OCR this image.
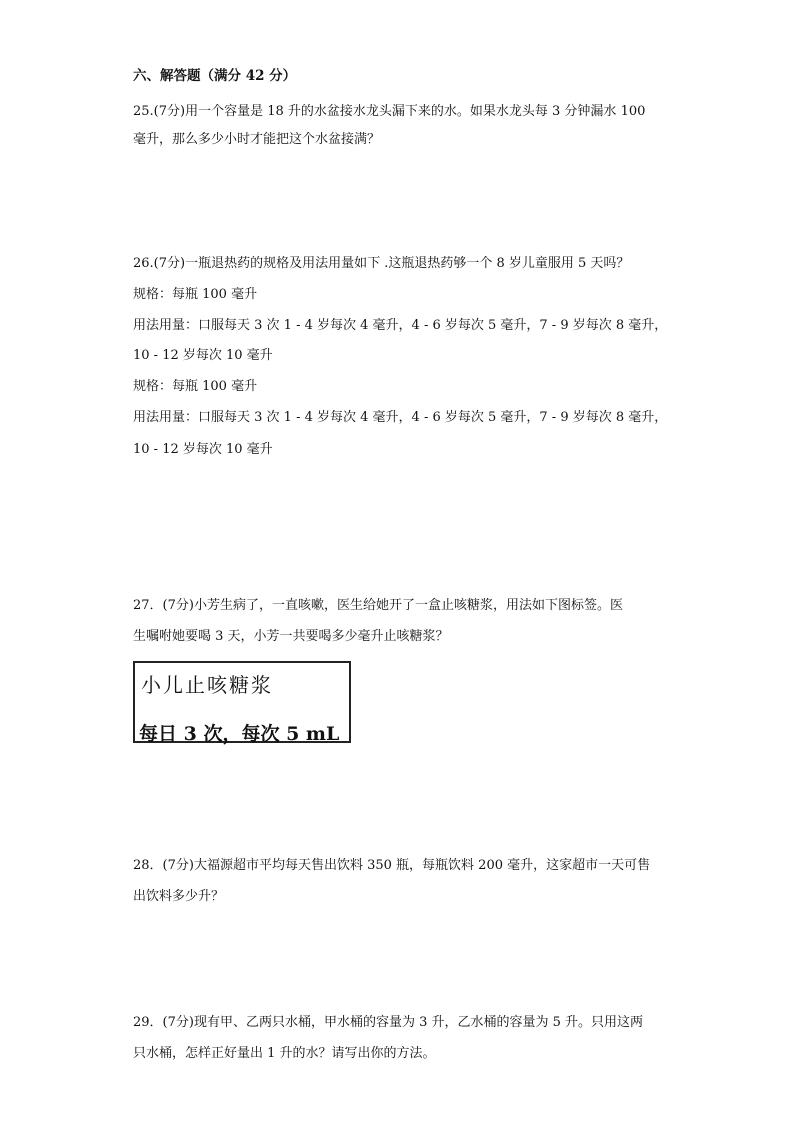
六、解答题（满分 42 分）
25.(7分)用一个容量是 18 升的水盆接水龙头漏下来的水。如果水龙头每 3 分钟漏水 100
毫升，那么多少小时才能把这个水盆接满？
26.(7分)一瓶退热药的规格及用法用量如下 .这瓶退热药够一个 8 岁儿童服用 5 天吗？
规格：每瓶 100 毫升
用法用量：口服每天 3 次 1 - 4 岁每次 4 毫升，4 - 6 岁每次 5 毫升，7 - 9 岁每次 8 毫升，
10 - 12 岁每次 10 毫升
规格：每瓶 100 毫升
用法用量：口服每天 3 次 1 - 4 岁每次 4 毫升，4 - 6 岁每次 5 毫升，7 - 9 岁每次 8 毫升，
10 - 12 岁每次 10 毫升
27．(7分)小芳生病了，一直咳嗽，医生给她开了一盒止咳糖浆，用法如下图标签。医
生嘱咐她要喝 3 天，小芳一共要喝多少毫升止咳糖浆？
小儿止咳糖浆
每日 3 次，每次 5 mL
28．(7分)大福源超市平均每天售出饮料 350 瓶，每瓶饮料 200 毫升，这家超市一天可售
出饮料多少升？
29．(7分)现有甲、乙两只水桶，甲水桶的容量为 3 升，乙水桶的容量为 5 升。只用这两
只水桶，怎样正好量出 1 升的水？请写出你的方法。
